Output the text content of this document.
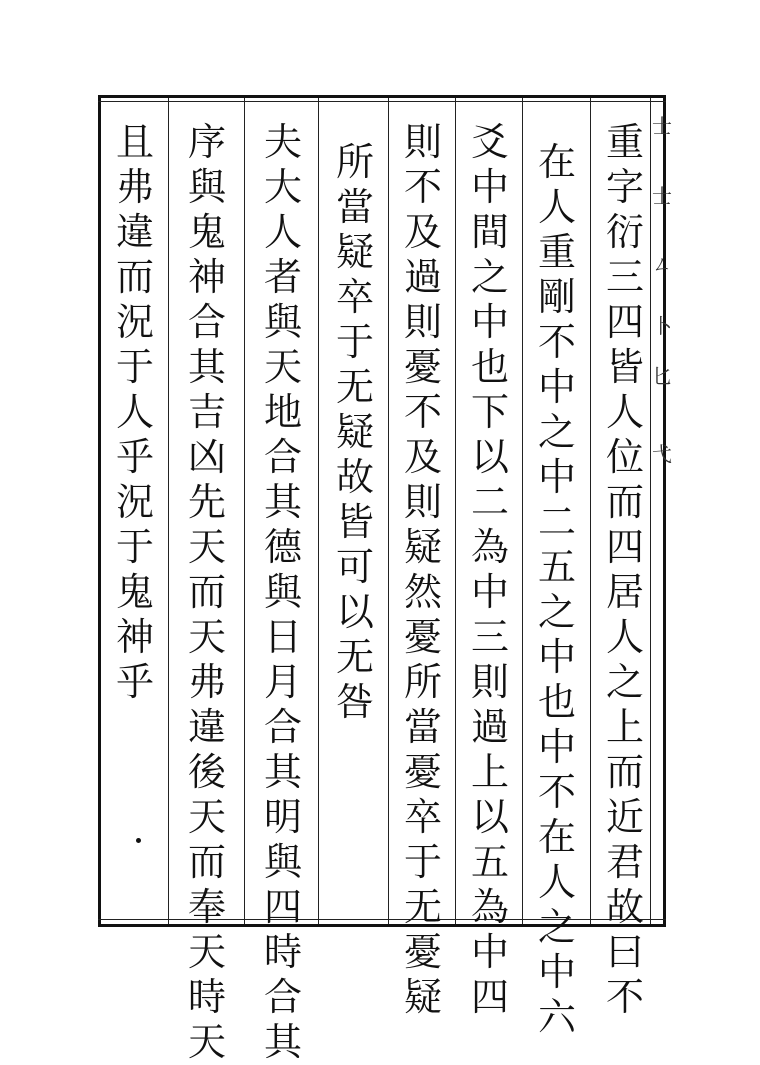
重
字
衍
三
四
皆
人
位
而
四
居
人
之
上
而
近
君
故
曰
不
在
人
重
剛
不
中
之
中
二
五
之
中
也
中
不
在
人
之
中
六
爻
中
間
之
中
也
下
以
二
為
中
三
則
過
上
以
五
為
中
四
則
不
及
過
則
憂
不
及
則
疑
然
憂
所
當
憂
卒
于
无
憂
疑
所
當
疑
卒
于
无
疑
故
皆
可
以
无
咎
夫
大
人
者
與
天
地
合
其
德
與
日
月
合
其
明
與
四
時
合
其
序
與
鬼
神
合
其
吉
凶
先
天
而
天
弗
違
後
天
而
奉
天
時
天
且
弗
違
而
況
于
人
乎
況
于
鬼
神
乎
士
士
ㄥ
卜
匕
弋
